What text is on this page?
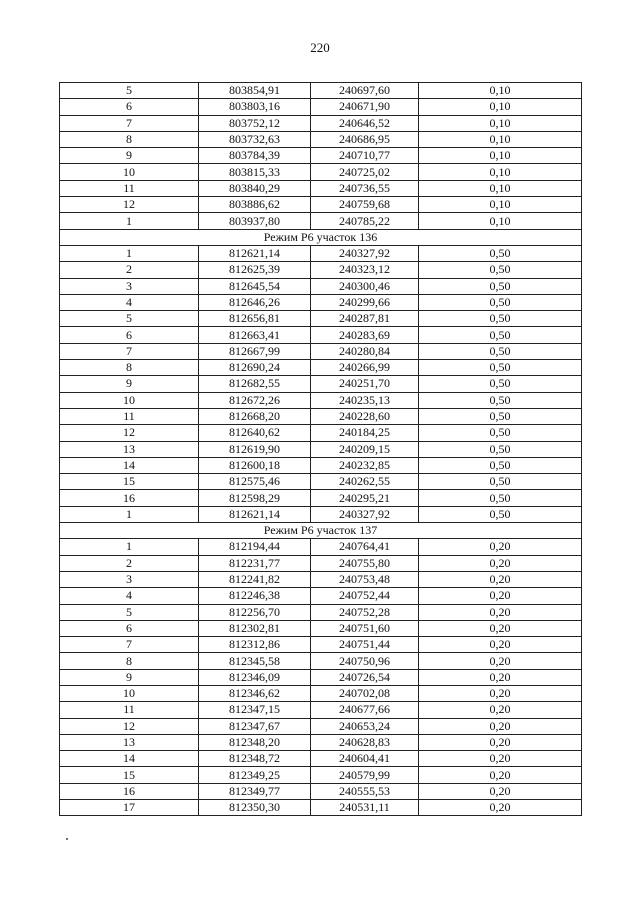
220
5	803854,91	240697,60	0,10
6	803803,16	240671,90	0,10
7	803752,12	240646,52	0,10
8	803732,63	240686,95	0,10
9	803784,39	240710,77	0,10
10	803815,33	240725,02	0,10
11	803840,29	240736,55	0,10
12	803886,62	240759,68	0,10
1	803937,80	240785,22	0,10
Режим Р6 участок 136			
1	812621,14	240327,92	0,50
2	812625,39	240323,12	0,50
3	812645,54	240300,46	0,50
4	812646,26	240299,66	0,50
5	812656,81	240287,81	0,50
6	812663,41	240283,69	0,50
7	812667,99	240280,84	0,50
8	812690,24	240266,99	0,50
9	812682,55	240251,70	0,50
10	812672,26	240235,13	0,50
11	812668,20	240228,60	0,50
12	812640,62	240184,25	0,50
13	812619,90	240209,15	0,50
14	812600,18	240232,85	0,50
15	812575,46	240262,55	0,50
16	812598,29	240295,21	0,50
1	812621,14	240327,92	0,50
Режим Р6 участок 137			
1	812194,44	240764,41	0,20
2	812231,77	240755,80	0,20
3	812241,82	240753,48	0,20
4	812246,38	240752,44	0,20
5	812256,70	240752,28	0,20
6	812302,81	240751,60	0,20
7	812312,86	240751,44	0,20
8	812345,58	240750,96	0,20
9	812346,09	240726,54	0,20
10	812346,62	240702,08	0,20
11	812347,15	240677,66	0,20
12	812347,67	240653,24	0,20
13	812348,20	240628,83	0,20
14	812348,72	240604,41	0,20
15	812349,25	240579,99	0,20
16	812349,77	240555,53	0,20
17	812350,30	240531,11	0,20
